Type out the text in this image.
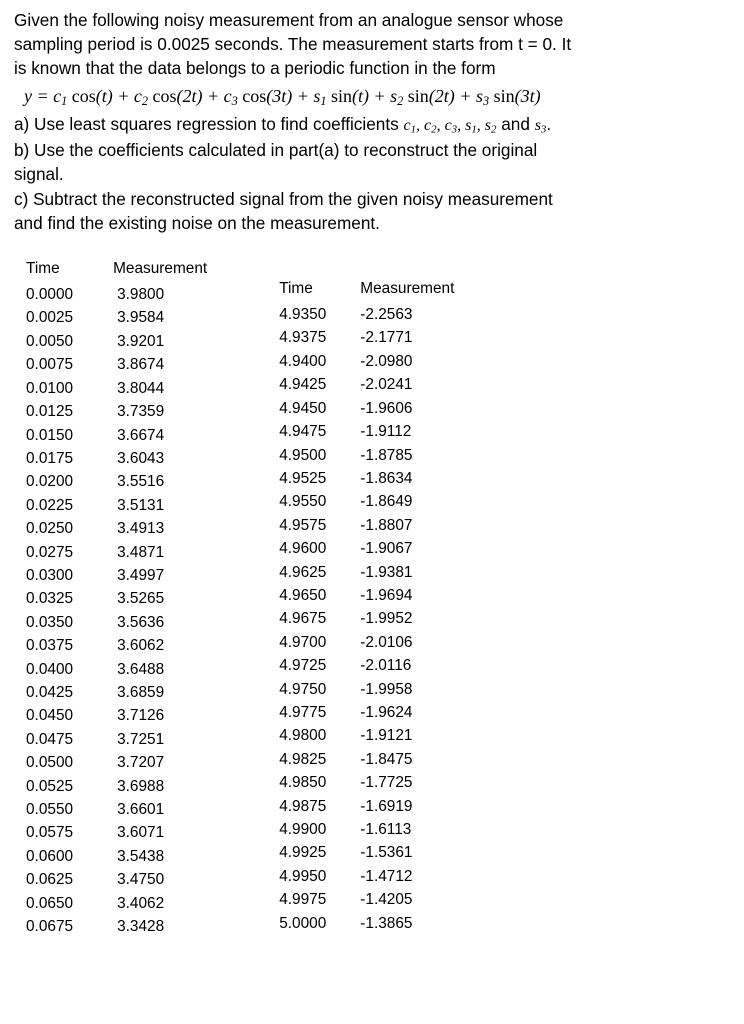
Given the following noisy measurement from an analogue sensor whose

sampling period is 0.0025 seconds. The measurement starts from t = 0. It

is known that the data belongs to a periodic function in the form

$y = c_1$ $\cos(t) + c_2$ $\cos(2t) + c_3$ $\cos(3t) + s_1$ $\sin(t) + s_2$ $\sin(2t) + s_3$ sin(3t)

a) Use least squares regression to find coefficients $c_1$, $c_2$, $c_3$, $s_1$, $s_2$ and $s_3$.

b) Use the coefficients calculated in part(a) to reconstruct the original

signal.

c) Subtract the reconstructed signal from the given noisy measurement

and find the existing noise on the measurement.

Time	Measurement
0.0000	3.9800
0.0025	3.9584
0.0050	3.9201
0.0075	3.8674
0.0100	3.8044
0.0125	3.7359
0.0150	3.6674
0.0175	3.6043
0.0200	3.5516
0.0225	3.5131
0.0250	3.4913
0.0275	3.4871
0.0300	3.4997
0.0325	3.5265
0.0350	3.5636
0.0375	3.6062
0.0400	3.6488
0.0425	3.6859
0.0450	3.7126
0.0475	3.7251
0.0500	3.7207
0.0525	3.6988
0.0550	3.6601
0.0575	3.6071
0.0600	3.5438
0.0625	3.4750
0.0650	3.4062
0.0675	3.3428
Time	Measurement
4.9350	-2.2563
4.9375	-2.1771
4.9400	-2.0980
4.9425	-2.0241
4.9450	-1.9606
4.9475	-1.9112
4.9500	-1.8785
4.9525	-1.8634
4.9550	-1.8649
4.9575	-1.8807
4.9600	-1.9067
4.9625	-1.9381
4.9650	-1.9694
4.9675	-1.9952
4.9700	-2.0106
4.9725	-2.0116
4.9750	-1.9958
4.9775	-1.9624
4.9800	-1.9121
4.9825	-1.8475
4.9850	-1.7725
4.9875	-1.6919
4.9900	-1.6113
4.9925	-1.5361
4.9950	-1.4712
4.9975	-1.4205
5.0000	-1.3865
